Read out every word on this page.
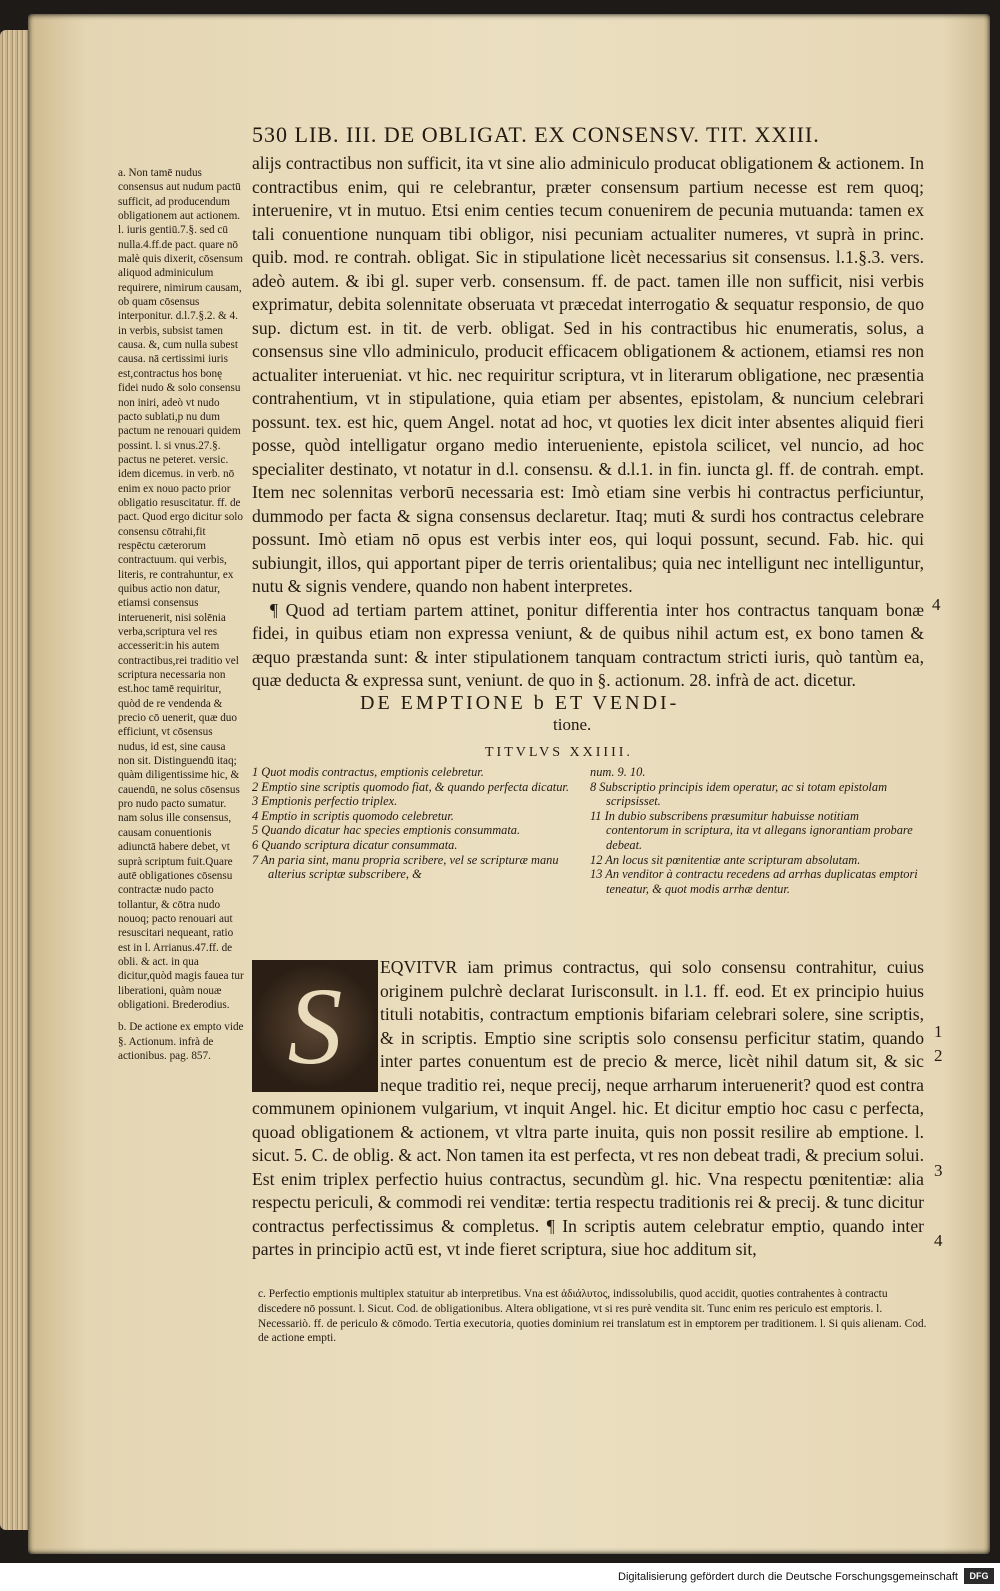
530 LIB. III. DE OBLIGAT. EX CONSENSV. TIT. XXIII.
a. Non tamē nudus consensus aut nudum pactū sufficit, ad producendum obligationem aut actionem. l. iuris gentiū.7.§. sed cū nulla.4.ff.de pact. quare nō malè quis dixerit, cōsensum aliquod adminiculum requirere, nimirum causam, ob quam cōsensus interponitur. d.l.7.§.2. & 4. in verbis, subsist tamen causa. &, cum nulla subest causa. nā certissimi iuris est,contractus hos bonę fidei nudo & solo consensu non iniri, adeò vt nudo pacto sublati,p nu dum pactum ne renouari quidem possint. l. si vnus.27.§. pactus ne peteret. versic. idem dicemus. in verb. nō enim ex nouo pacto prior obligatio resuscitatur. ff. de pact. Quod ergo dicitur solo consensu cōtrahi,fit respēctu cæterorum contractuum. qui verbis, literis, re contrahuntur, ex quibus actio non datur, etiamsi consensus interuenerit, nisi solēnia verba,scriptura vel res accesserit:in his autem contractibus,rei traditio vel scriptura necessaria non est.hoc tamē requiritur, quòd de re vendenda & precio cō uenerit, quæ duo efficiunt, vt cōsensus nudus, id est, sine causa non sit. Distinguendū itaq; quàm diligentissime hic, & cauendū, ne solus cōsensus pro nudo pacto sumatur. nam solus ille consensus, causam conuentionis adiunctā habere debet, vt suprà scriptum fuit.Quare autē obligationes cōsensu contractæ nudo pacto tollantur, & cōtra nudo nouoq; pacto renouari aut resuscitari nequeant, ratio est in l. Arrianus.47.ff. de obli. & act. in qua dicitur,quòd magis fauea tur liberationi, quàm nouæ obligationi. Brederodius.
b. De actione ex empto vide §. Actionum. infrà de actionibus. pag. 857.

alijs contractibus non sufficit, ita vt sine alio adminiculo producat obligationem & actionem. In contractibus enim, qui re celebrantur, præter consensum partium necesse est rem quoq; interuenire, vt in mutuo. Etsi enim centies tecum conuenirem de pecunia mutuanda: tamen ex tali conuentione nunquam tibi obligor, nisi pecuniam actualiter numeres, vt suprà in princ. quib. mod. re contrah. obligat. Sic in stipulatione licèt necessarius sit consensus. l.1.§.3. vers. adeò autem. & ibi gl. super verb. consensum. ff. de pact. tamen ille non sufficit, nisi verbis exprimatur, debita solennitate obseruata vt præcedat interrogatio & sequatur responsio, de quo sup. dictum est. in tit. de verb. obligat. Sed in his contractibus hic enumeratis, solus, a consensus sine vllo adminiculo, producit efficacem obligationem & actionem, etiamsi res non actualiter interueniat. vt hic. nec requiritur scriptura, vt in literarum obligatione, nec præsentia contrahentium, vt in stipulatione, quia etiam per absentes, epistolam, & nuncium celebrari possunt. tex. est hic, quem Angel. notat ad hoc, vt quoties lex dicit inter absentes aliquid fieri posse, quòd intelligatur organo medio interueniente, epistola scilicet, vel nuncio, ad hoc specialiter destinato, vt notatur in d.l. consensu. & d.l.1. in fin. iuncta gl. ff. de contrah. empt. Item nec solennitas verborū necessaria est: Imò etiam sine verbis hi contractus perficiuntur, dummodo per facta & signa consensus declaretur. Itaq; muti & surdi hos contractus celebrare possunt. Imò etiam nō opus est verbis inter eos, qui loqui possunt, secund. Fab. hic. qui subiungit, illos, qui apportant piper de terris orientalibus; quia nec intelligunt nec intelliguntur, nutu & signis vendere, quando non habent interpretes.

¶ Quod ad tertiam partem attinet, ponitur differentia inter hos contractus tanquam bonæ fidei, in quibus etiam non expressa veniunt, & de quibus nihil actum est, ex bono tamen & æquo præstanda sunt: & inter stipulationem tanquam contractum stricti iuris, quò tantùm ea, quæ deducta & expressa sunt, veniunt. de quo in §. actionum. 28. infrà de act. dicetur.

4
DE EMPTIONE b ET VENDI-
tione.
TITVLVS XXIIII.
1 Quot modis contractus, emptionis celebretur.
2 Emptio sine scriptis quomodo fiat, & quando perfecta dicatur.
3 Emptionis perfectio triplex.
4 Emptio in scriptis quomodo celebretur.
5 Quando dicatur hac species emptionis consummata.
6 Quando scriptura dicatur consummata.
7 An paria sint, manu propria scribere, vel se scripturæ manu alterius scriptæ subscribere, &
num. 9. 10.
8 Subscriptio principis idem operatur, ac si totam epistolam scripsisset.
11 In dubio subscribens præsumitur habuisse notitiam contentorum in scriptura, ita vt allegans ignorantiam probare debeat.
12 An locus sit pœnitentiæ ante scripturam absolutam.
13 An venditor à contractu recedens ad arrhas duplicatas emptori teneatur, & quot modis arrhæ dentur.
S	EQVITVR iam primus contractus, qui solo consensu contrahitur, cuius originem pulchrè declarat Iurisconsult. in l.1. ff. eod. Et ex principio huius tituli notabitis, contractum emptionis bifariam celebrari solere, sine scriptis, & in scriptis. Emptio sine scriptis solo consensu perficitur statim, quando inter partes conuentum est de precio & merce, licèt nihil datum sit, & sic neque traditio rei, neque precij, neque arrharum interuenerit? quod est contra communem opinionem vulgarium, vt inquit Angel. hic. Et dicitur emptio hoc casu c perfecta, quoad obligationem & actionem, vt vltra parte inuita, quis non possit resilire ab emptione. l. sicut. 5. C. de oblig. & act. Non tamen ita est perfecta, vt res non debeat tradi, & precium solui. Est enim triplex perfectio huius contractus, secundùm gl. hic. Vna respectu pœnitentiæ: alia respectu periculi, & commodi rei venditæ: tertia respectu traditionis rei & precij. & tunc dicitur contractus perfectissimus & completus. ¶ In scriptis autem celebratur emptio, quando inter partes in principio actū est, vt inde fieret scriptura, siue hoc additum sit,
1
2
3
4
c. Perfectio emptionis multiplex statuitur ab interpretibus. Vna est ἀδιάλυτος, indissolubilis, quod accidit, quoties contrahentes à contractu discedere nō possunt. l. Sicut. Cod. de obligationibus. Altera obligatione, vt si res purè vendita sit. Tunc enim res periculo est emptoris. l. Necessariò. ff. de periculo & cōmodo. Tertia executoria, quoties dominium rei translatum est in emptorem per traditionem. l. Si quis alienam. Cod. de actione empti.
Digitalisierung gefördert durch die Deutsche Forschungsgemeinschaft	DFG
